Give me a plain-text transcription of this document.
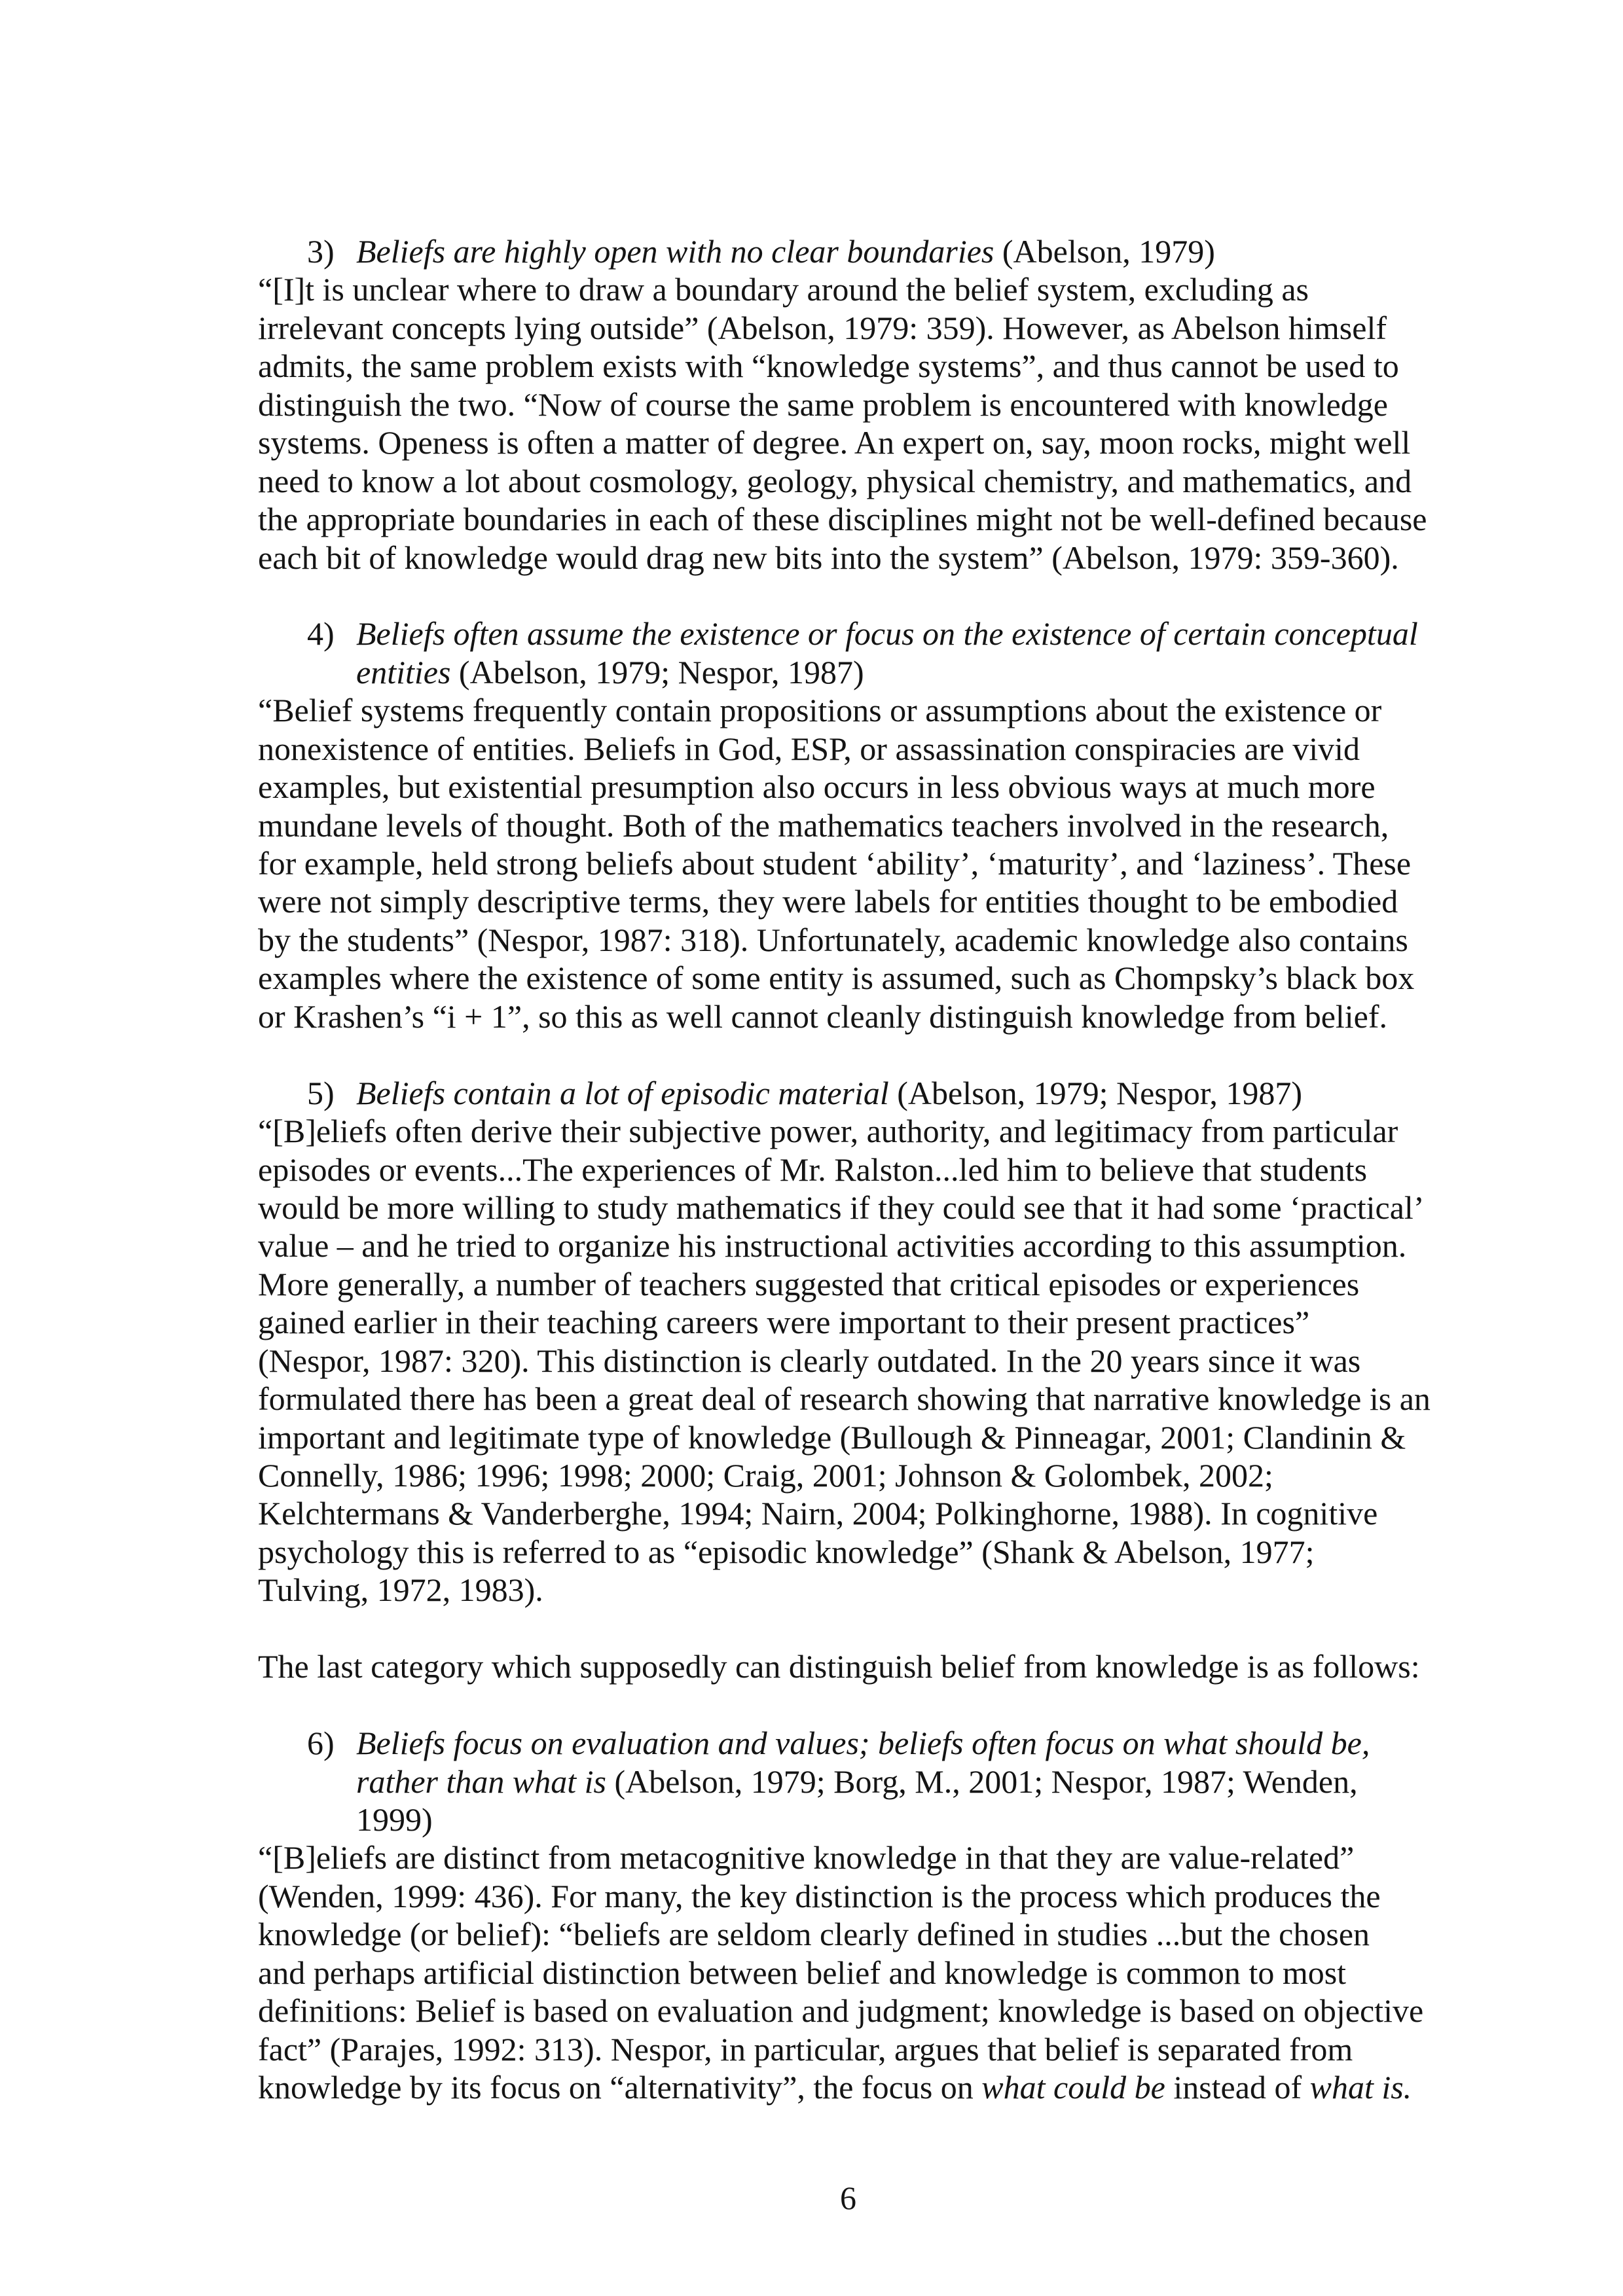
3) Beliefs are highly open with no clear boundaries (Abelson, 1979)
“[I]t is unclear where to draw a boundary around the belief system, excluding as
irrelevant concepts lying outside” (Abelson, 1979: 359). However, as Abelson himself
admits, the same problem exists with “knowledge systems”, and thus cannot be used to
distinguish the two. “Now of course the same problem is encountered with knowledge
systems. Openess is often a matter of degree. An expert on, say, moon rocks, might well
need to know a lot about cosmology, geology, physical chemistry, and mathematics, and
the appropriate boundaries in each of these disciplines might not be well-defined because
each bit of knowledge would drag new bits into the system” (Abelson, 1979: 359-360).
4) Beliefs often assume the existence or focus on the existence of certain conceptual
entities (Abelson, 1979; Nespor, 1987)
“Belief systems frequently contain propositions or assumptions about the existence or
nonexistence of entities. Beliefs in God, ESP, or assassination conspiracies are vivid
examples, but existential presumption also occurs in less obvious ways at much more
mundane levels of thought. Both of the mathematics teachers involved in the research,
for example, held strong beliefs about student ‘ability’, ‘maturity’, and ‘laziness’. These
were not simply descriptive terms, they were labels for entities thought to be embodied
by the students” (Nespor, 1987: 318). Unfortunately, academic knowledge also contains
examples where the existence of some entity is assumed, such as Chompsky’s black box
or Krashen’s “i + 1”, so this as well cannot cleanly distinguish knowledge from belief.
5) Beliefs contain a lot of episodic material (Abelson, 1979; Nespor, 1987)
“[B]eliefs often derive their subjective power, authority, and legitimacy from particular
episodes or events...The experiences of Mr. Ralston...led him to believe that students
would be more willing to study mathematics if they could see that it had some ‘practical’
value – and he tried to organize his instructional activities according to this assumption.
More generally, a number of teachers suggested that critical episodes or experiences
gained earlier in their teaching careers were important to their present practices”
(Nespor, 1987: 320). This distinction is clearly outdated. In the 20 years since it was
formulated there has been a great deal of research showing that narrative knowledge is an
important and legitimate type of knowledge (Bullough & Pinneagar, 2001; Clandinin &
Connelly, 1986; 1996; 1998; 2000; Craig, 2001; Johnson & Golombek, 2002;
Kelchtermans & Vanderberghe, 1994; Nairn, 2004; Polkinghorne, 1988). In cognitive
psychology this is referred to as “episodic knowledge” (Shank & Abelson, 1977;
Tulving, 1972, 1983).
The last category which supposedly can distinguish belief from knowledge is as follows:
6) Beliefs focus on evaluation and values; beliefs often focus on what should be,
rather than what is (Abelson, 1979; Borg, M., 2001; Nespor, 1987; Wenden,
1999)
“[B]eliefs are distinct from metacognitive knowledge in that they are value-related”
(Wenden, 1999: 436). For many, the key distinction is the process which produces the
knowledge (or belief): “beliefs are seldom clearly defined in studies ...but the chosen
and perhaps artificial distinction between belief and knowledge is common to most
definitions: Belief is based on evaluation and judgment; knowledge is based on objective
fact” (Parajes, 1992: 313). Nespor, in particular, argues that belief is separated from
knowledge by its focus on “alternativity”, the focus on what could be instead of what is.
6
